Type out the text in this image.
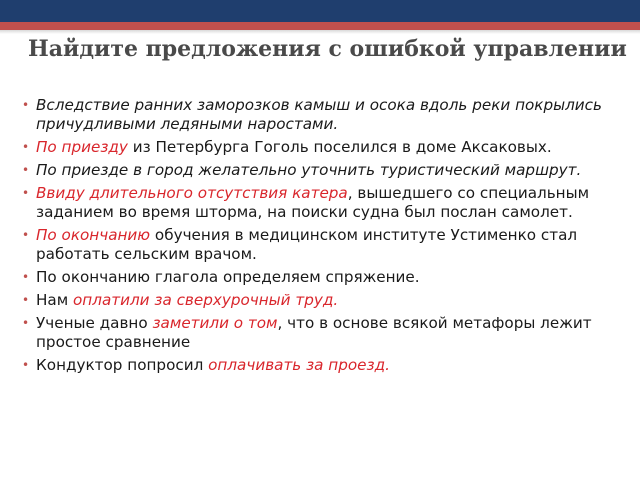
Найдите предложения с ошибкой управлении
• Вследствие ранних заморозков камыш и осока вдоль реки покрылись причудливыми ледяными наростами.
• По приезду из Петербурга Гоголь поселился в доме Аксаковых.
• По приезде в город желательно уточнить туристический маршрут.
• Ввиду длительного отсутствия катера, вышедшего со специальным заданием во время шторма, на поиски судна был послан самолет.
• По окончанию обучения в медицинском институте Устименко стал работать сельским врачом.
• По окончанию глагола определяем спряжение.
• Нам оплатили за сверхурочный труд.
• Ученые давно заметили о том, что в основе всякой метафоры лежит простое сравнение
• Кондуктор попросил оплачивать за проезд.
